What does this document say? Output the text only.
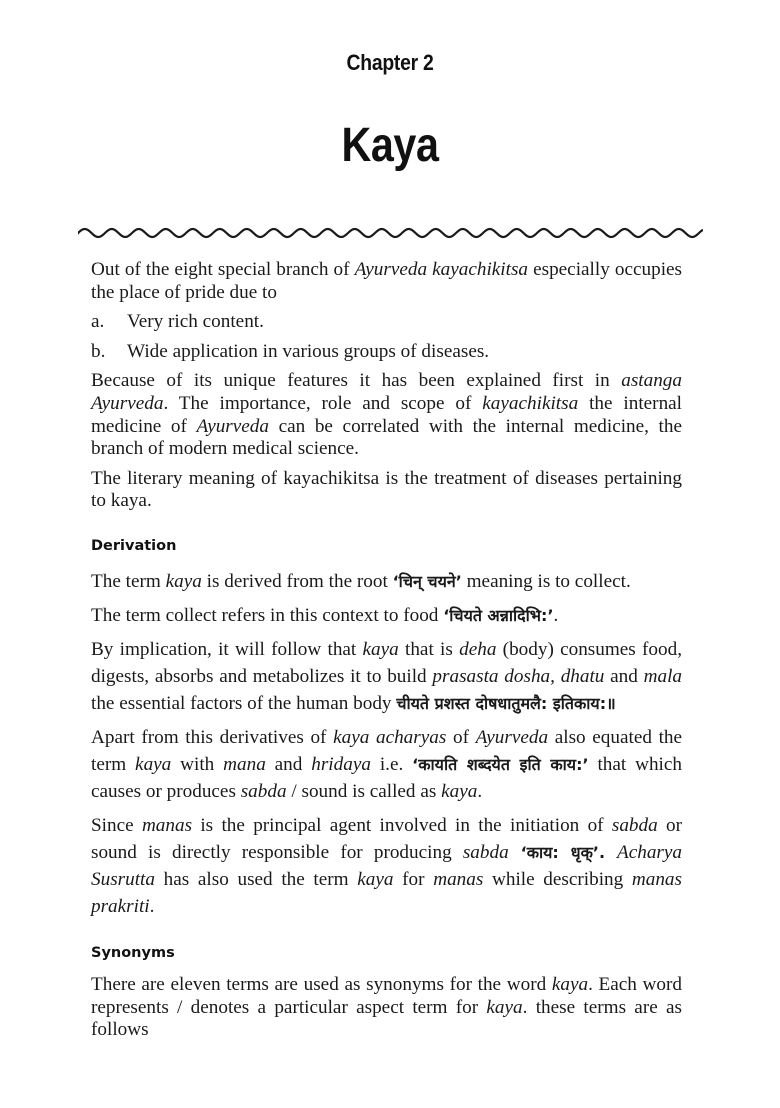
Chapter 2
Kaya

Out of the eight special branch of Ayurveda kayachikitsa especially occupies the place of pride due to

a.	Very rich content.
b.	Wide application in various groups of diseases.

Because of its unique features it has been explained first in astanga Ayurveda. The importance, role and scope of kayachikitsa the internal medicine of Ayurveda can be correlated with the internal medicine, the branch of modern medical science.

The literary meaning of kayachikitsa is the treatment of diseases pertaining to kaya.

Derivation

The term kaya is derived from the root ‘चिन् चयने’ meaning is to collect.

The term collect refers in this context to food ‘चियते अन्नादिभि:’.

By implication, it will follow that kaya that is deha (body) consumes food, digests, absorbs and metabolizes it to build prasasta dosha, dhatu and mala the essential factors of the human body चीयते प्रशस्त दोषधातुमलै: इतिकाय:॥

Apart from this derivatives of kaya acharyas of Ayurveda also equated the term kaya with mana and hridaya i.e. ‘कायति शब्दयेत इति काय:’ that which causes or produces sabda / sound is called as kaya.

Since manas is the principal agent involved in the initiation of sabda or sound is directly responsible for producing sabda ‘काय: धृक्’. Acharya Susrutta has also used the term kaya for manas while describing manas prakriti.

Synonyms

There are eleven terms are used as synonyms for the word kaya. Each word represents / denotes a particular aspect term for kaya. these terms are as follows
